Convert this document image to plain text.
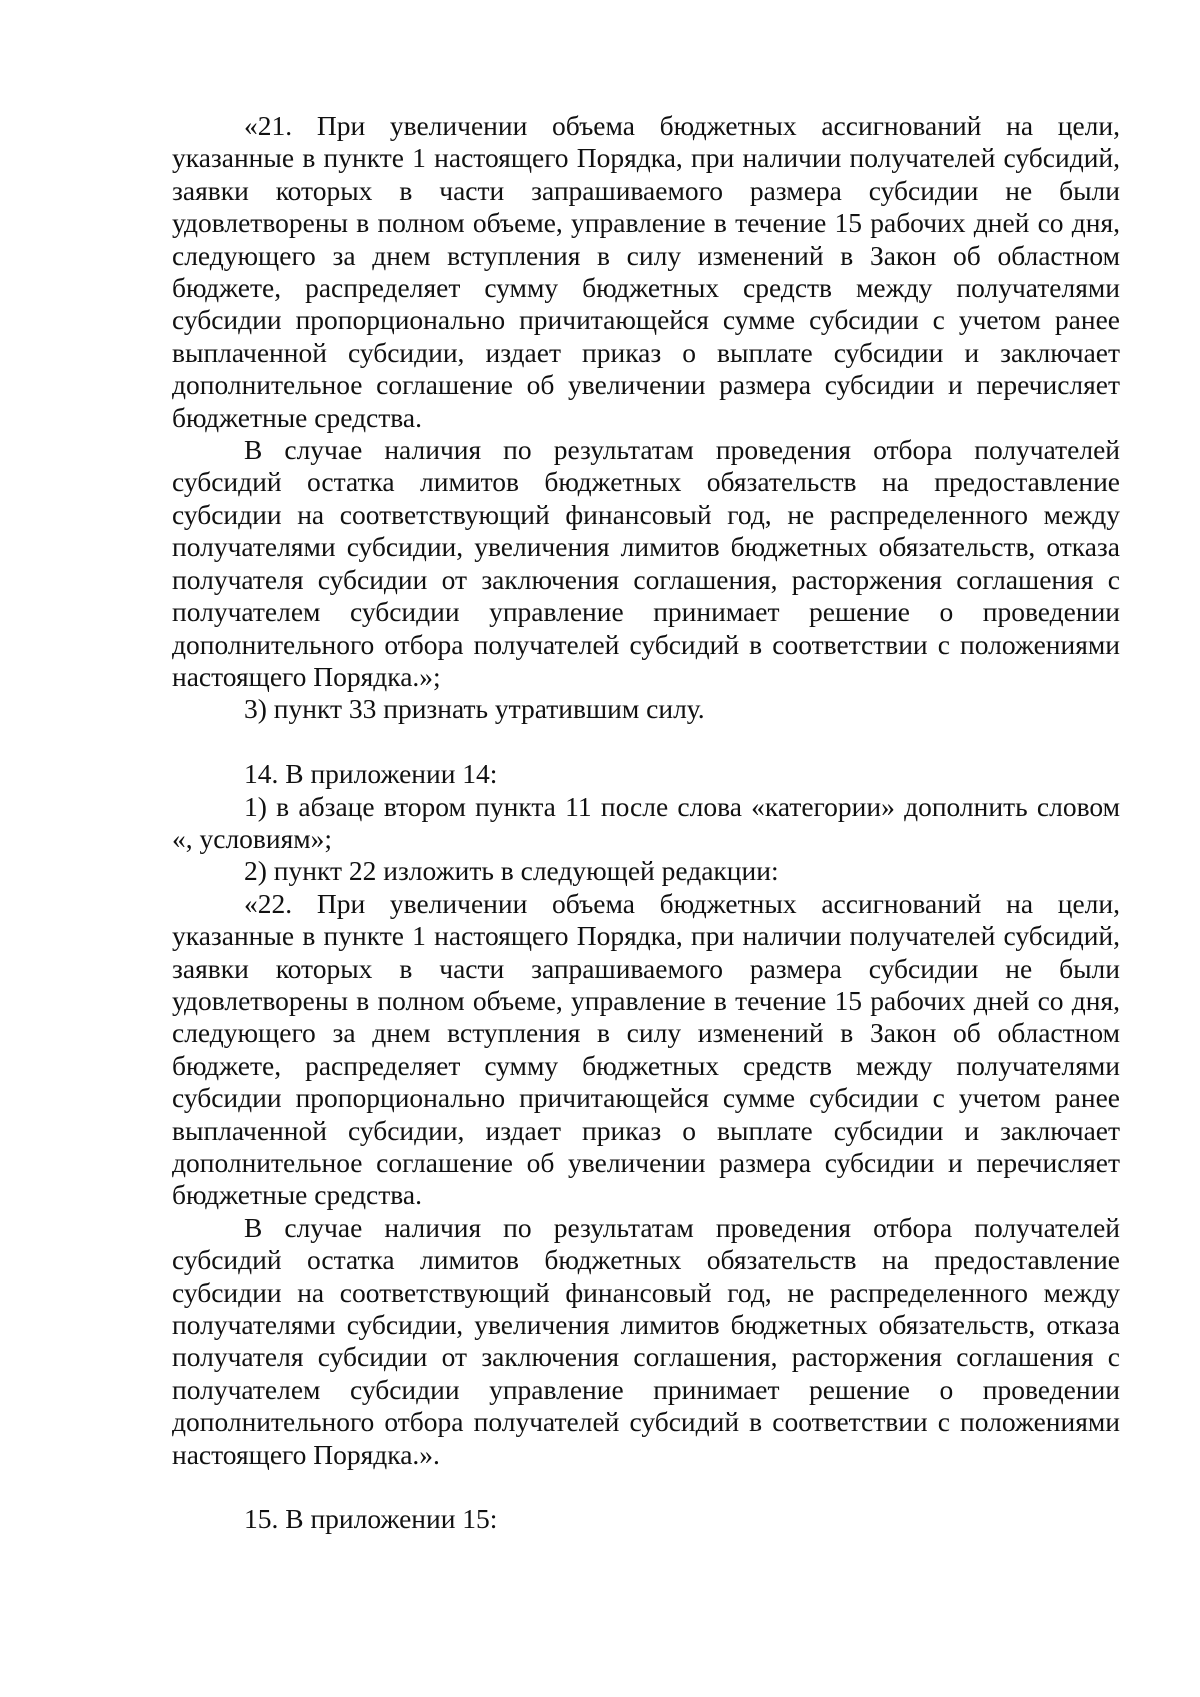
«21. При увеличении объема бюджетных ассигнований на цели, указанные в пункте 1 настоящего Порядка, при наличии получателей субсидий, заявки которых в части запрашиваемого размера субсидии не были удовлетворены в полном объеме, управление в течение 15 рабочих дней со дня, следующего за днем вступления в силу изменений в Закон об областном бюджете, распределяет сумму бюджетных средств между получателями субсидии пропорционально причитающейся сумме субсидии с учетом ранее выплаченной субсидии, издает приказ о выплате субсидии и заключает дополнительное соглашение об увеличении размера субсидии и перечисляет бюджетные средства.

В случае наличия по результатам проведения отбора получателей субсидий остатка лимитов бюджетных обязательств на предоставление субсидии на соответствующий финансовый год, не распределенного между получателями субсидии, увеличения лимитов бюджетных обязательств, отказа получателя субсидии от заключения соглашения, расторжения соглашения с получателем субсидии управление принимает решение о проведении дополнительного отбора получателей субсидий в соответствии с положениями настоящего Порядка.»;

3) пункт 33 признать утратившим силу.

14. В приложении 14:

1) в абзаце втором пункта 11 после слова «категории» дополнить словом «, условиям»;

2) пункт 22 изложить в следующей редакции:

«22. При увеличении объема бюджетных ассигнований на цели, указанные в пункте 1 настоящего Порядка, при наличии получателей субсидий, заявки которых в части запрашиваемого размера субсидии не были удовлетворены в полном объеме, управление в течение 15 рабочих дней со дня, следующего за днем вступления в силу изменений в Закон об областном бюджете, распределяет сумму бюджетных средств между получателями субсидии пропорционально причитающейся сумме субсидии с учетом ранее выплаченной субсидии, издает приказ о выплате субсидии и заключает дополнительное соглашение об увеличении размера субсидии и перечисляет бюджетные средства.

В случае наличия по результатам проведения отбора получателей субсидий остатка лимитов бюджетных обязательств на предоставление субсидии на соответствующий финансовый год, не распределенного между получателями субсидии, увеличения лимитов бюджетных обязательств, отказа получателя субсидии от заключения соглашения, расторжения соглашения с получателем субсидии управление принимает решение о проведении дополнительного отбора получателей субсидий в соответствии с положениями настоящего Порядка.».

15. В приложении 15:
